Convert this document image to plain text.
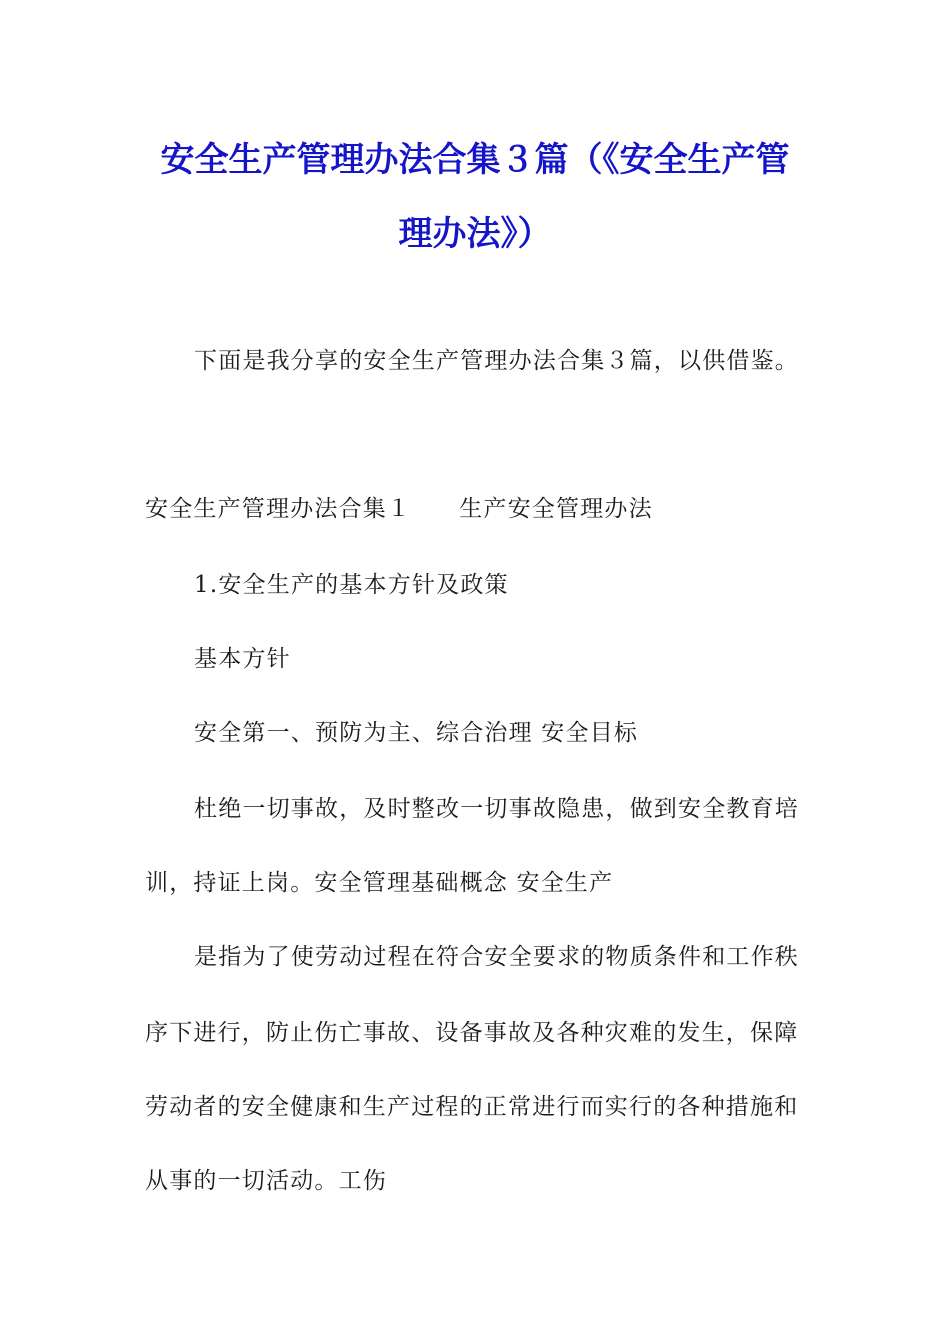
安全生产管理办法合集３篇（《安全生产管
理办法》）

下面是我分享的安全生产管理办法合集３篇，以供借鉴。

安全生产管理办法合集１ 生产安全管理办法

1.安全生产的基本方针及政策

基本方针

安全第一、预防为主、综合治理 安全目标

杜绝一切事故，及时整改一切事故隐患，做到安全教育培

训，持证上岗。安全管理基础概念 安全生产

是指为了使劳动过程在符合安全要求的物质条件和工作秩

序下进行，防止伤亡事故、设备事故及各种灾难的发生，保障

劳动者的安全健康和生产过程的正常进行而实行的各种措施和

从事的一切活动。工伤
